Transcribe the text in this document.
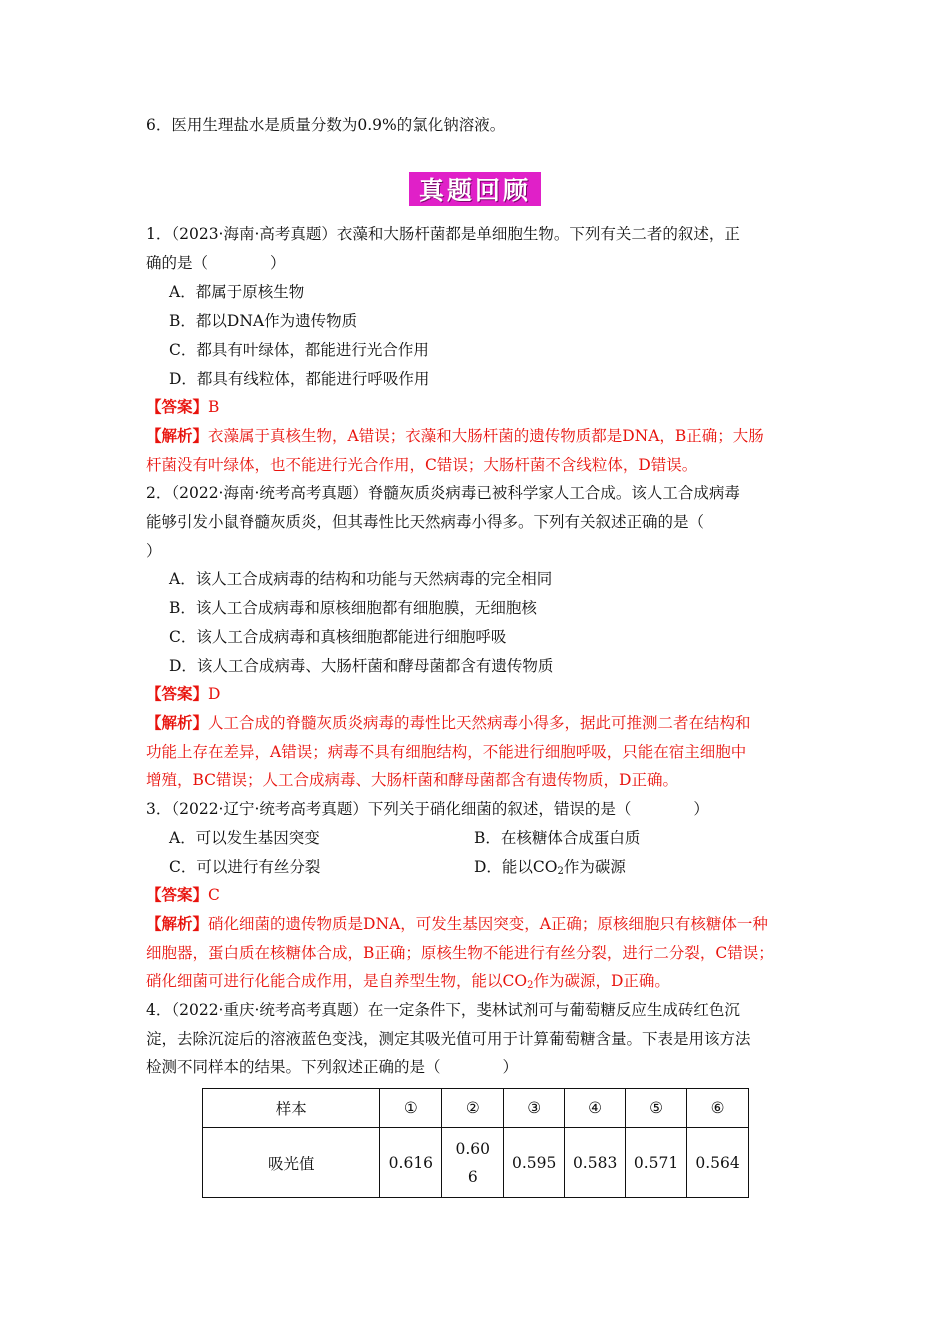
6．医用生理盐水是质量分数为0.9%的氯化钠溶液。
真题回顾
1．（2023·海南·高考真题）衣藻和大肠杆菌都是单细胞生物。下列有关二者的叙述，正
确的是（　　　　）
A．都属于原核生物
B．都以DNA作为遗传物质
C．都具有叶绿体，都能进行光合作用
D．都具有线粒体，都能进行呼吸作用
【答案】B
【解析】衣藻属于真核生物，A错误；衣藻和大肠杆菌的遗传物质都是DNA，B正确；大肠
杆菌没有叶绿体，也不能进行光合作用，C错误；大肠杆菌不含线粒体，D错误。
2．（2022·海南·统考高考真题）脊髓灰质炎病毒已被科学家人工合成。该人工合成病毒
能够引发小鼠脊髓灰质炎，但其毒性比天然病毒小得多。下列有关叙述正确的是（
）
A．该人工合成病毒的结构和功能与天然病毒的完全相同
B．该人工合成病毒和原核细胞都有细胞膜，无细胞核
C．该人工合成病毒和真核细胞都能进行细胞呼吸
D．该人工合成病毒、大肠杆菌和酵母菌都含有遗传物质
【答案】D
【解析】人工合成的脊髓灰质炎病毒的毒性比天然病毒小得多，据此可推测二者在结构和
功能上存在差异，A错误；病毒不具有细胞结构，不能进行细胞呼吸，只能在宿主细胞中
增殖，BC错误；人工合成病毒、大肠杆菌和酵母菌都含有遗传物质，D正确。
3．（2022·辽宁·统考高考真题）下列关于硝化细菌的叙述，错误的是（　　　　）
A．可以发生基因突变	B．在核糖体合成蛋白质
C．可以进行有丝分裂	D．能以$CO_2$作为碳源
【答案】C
【解析】硝化细菌的遗传物质是DNA，可发生基因突变，A正确；原核细胞只有核糖体一种
细胞器，蛋白质在核糖体合成，B正确；原核生物不能进行有丝分裂，进行二分裂，C错误；
硝化细菌可进行化能合成作用，是自养型生物，能以$CO_2$作为碳源，D正确。
4．（2022·重庆·统考高考真题）在一定条件下，斐林试剂可与葡萄糖反应生成砖红色沉
淀，去除沉淀后的溶液蓝色变浅，测定其吸光值可用于计算葡萄糖含量。下表是用该方法
检测不同样本的结果。下列叙述正确的是（　　　　）
样本	①	②	③	④	⑤	⑥
吸光值	0.616	0.606	0.595	0.583	0.571	0.564
